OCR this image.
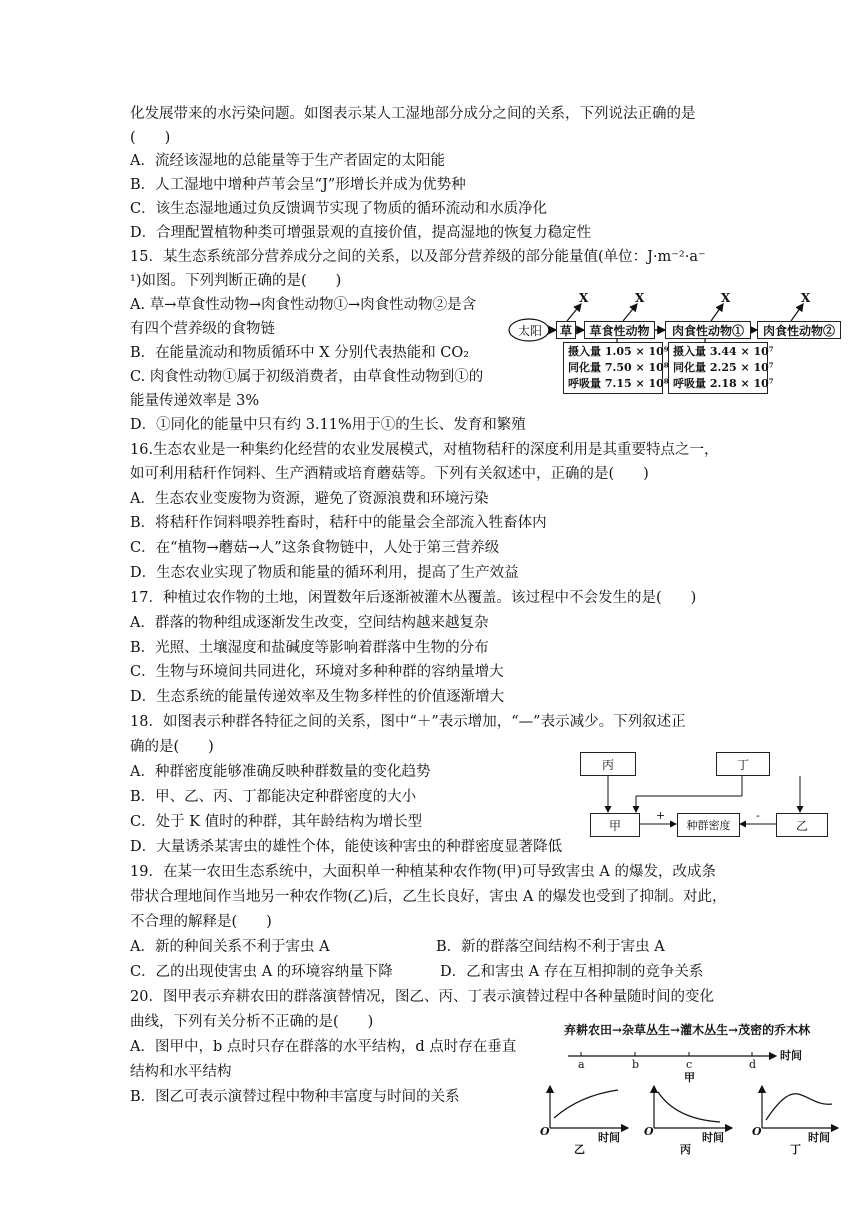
化发展带来的水污染问题。如图表示某人工湿地部分成分之间的关系，下列说法正确的是
(　　)
A．流经该湿地的总能量等于生产者固定的太阳能
B．人工湿地中增种芦苇会呈“J”形增长并成为优势种
C．该生态湿地通过负反馈调节实现了物质的循环流动和水质净化
D．合理配置植物种类可增强景观的直接价值，提高湿地的恢复力稳定性
15．某生态系统部分营养成分之间的关系，以及部分营养级的部分能量值(单位：J·m⁻²·a⁻
¹)如图。下列判断正确的是(　　)
A. 草→草食性动物→肉食性动物①→肉食性动物②是含
有四个营养级的食物链
B．在能量流动和物质循环中 X 分别代表热能和 CO₂
C. 肉食性动物①属于初级消费者，由草食性动物到①的
能量传递效率是 3%
D．①同化的能量中只有约 3.11%用于①的生长、发育和繁殖
16.生态农业是一种集约化经营的农业发展模式，对植物秸秆的深度利用是其重要特点之一，
如可利用秸秆作饲料、生产酒精或培育蘑菇等。下列有关叙述中，正确的是(　　)
A．生态农业变废物为资源，避免了资源浪费和环境污染
B．将秸秆作饲料喂养牲畜时，秸秆中的能量会全部流入牲畜体内
C．在“植物→蘑菇→人”这条食物链中，人处于第三营养级
D．生态农业实现了物质和能量的循环利用，提高了生产效益
17．种植过农作物的土地，闲置数年后逐渐被灌木丛覆盖。该过程中不会发生的是(　　)
A．群落的物种组成逐渐发生改变，空间结构越来越复杂
B．光照、土壤湿度和盐碱度等影响着群落中生物的分布
C．生物与环境间共同进化，环境对多种种群的容纳量增大
D．生态系统的能量传递效率及生物多样性的价值逐渐增大
18．如图表示种群各特征之间的关系，图中“＋”表示增加，“—”表示减少。下列叙述正
确的是(　　)
A．种群密度能够准确反映种群数量的变化趋势
B．甲、乙、丙、丁都能决定种群密度的大小
C．处于 K 值时的种群，其年龄结构为增长型
D．大量诱杀某害虫的雄性个体，能使该种害虫的种群密度显著降低
19．在某一农田生态系统中，大面积单一种植某种农作物(甲)可导致害虫 A 的爆发，改成条
带状合理地间作当地另一种农作物(乙)后，乙生长良好，害虫 A 的爆发也受到了抑制。对此，
不合理的解释是(　　)
A．新的种间关系不利于害虫 A	B．新的群落空间结构不利于害虫 A
C．乙的出现使害虫 A 的环境容纳量下降	D．乙和害虫 A 存在互相抑制的竞争关系
20．图甲表示弃耕农田的群落演替情况，图乙、丙、丁表示演替过程中各种量随时间的变化
曲线，下列有关分析不正确的是(　　)
A．图甲中，b 点时只存在群落的水平结构，d 点时存在垂直
结构和水平结构
B．图乙可表示演替过程中物种丰富度与时间的关系
X	X	X	X
太阳	草	草食性动物	肉食性动物①	肉食性动物②
摄入量 1.05 × 10⁹
同化量 7.50 × 10⁸
呼吸量 7.15 × 10⁸
摄入量 3.44 × 10⁷
同化量 2.25 × 10⁷
呼吸量 2.18 × 10⁷
丙	丁
甲	种群密度	乙
+	-
弃耕农田→杂草丛生→灌木丛生→茂密的乔木林
a	b	c	d
时间
甲
O	时间
乙
O	时间
丙
O	时间
丁
